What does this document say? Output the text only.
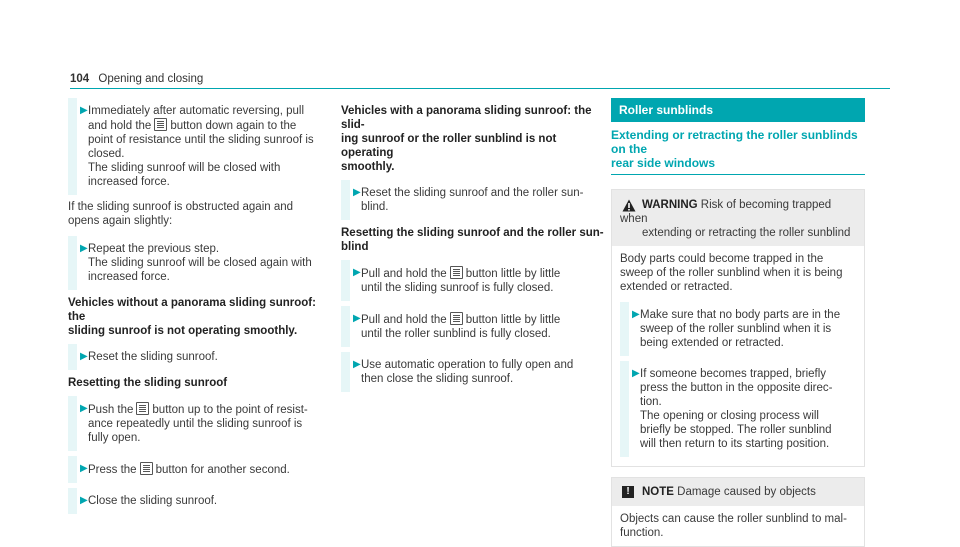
104 Opening and closing
▶ Immediately after automatic reversing, pull
and hold the button down again to the
point of resistance until the sliding sunroof is
closed.
The sliding sunroof will be closed with
increased force.
If the sliding sunroof is obstructed again and
opens again slightly:
▶ Repeat the previous step.
The sliding sunroof will be closed again with
increased force.
Vehicles without a panorama sliding sunroof: the
sliding sunroof is not operating smoothly.
▶ Reset the sliding sunroof.
Resetting the sliding sunroof
▶ Push the button up to the point of resist-
ance repeatedly until the sliding sunroof is
fully open.
▶ Press the button for another second.
▶ Close the sliding sunroof.
Vehicles with a panorama sliding sunroof: the slid-
ing sunroof or the roller sunblind is not operating
smoothly.
▶ Reset the sliding sunroof and the roller sun-
blind.
Resetting the sliding sunroof and the roller sun-
blind
▶ Pull and hold the button little by little
until the sliding sunroof is fully closed.
▶ Pull and hold the button little by little
until the roller sunblind is fully closed.
▶ Use automatic operation to fully open and
then close the sliding sunroof.
Roller sunblinds
Extending or retracting the roller sunblinds on the
rear side windows
WARNING Risk of becoming trapped when
extending or retracting the roller sunblind
Body parts could become trapped in the
sweep of the roller sunblind when it is being
extended or retracted.
▶ Make sure that no body parts are in the
sweep of the roller sunblind when it is
being extended or retracted.
▶ If someone becomes trapped, briefly
press the button in the opposite direc-
tion.
The opening or closing process will
briefly be stopped. The roller sunblind
will then return to its starting position.
!	NOTE Damage caused by objects
Objects can cause the roller sunblind to mal-
function.
